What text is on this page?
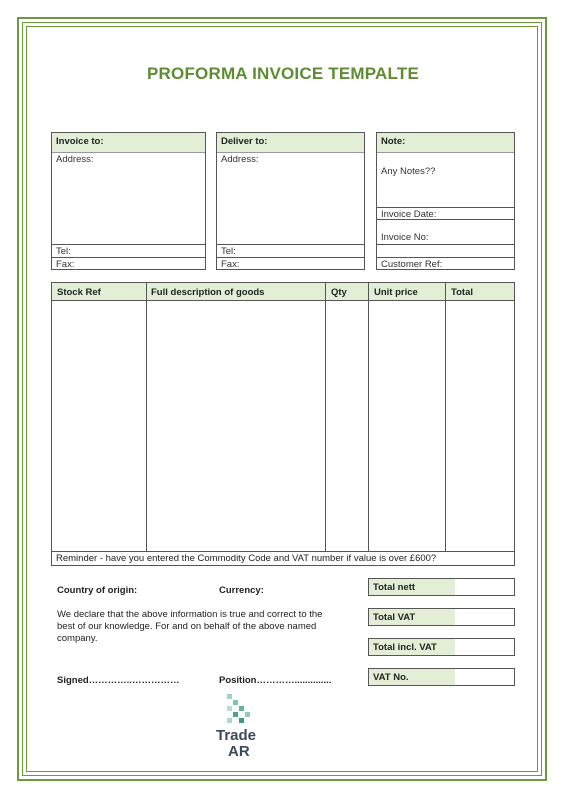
PROFORMA INVOICE TEMPALTE
Invoice to:
Address:
Tel:
Fax:
Deliver to:
Address:
Tel:
Fax:
Note:
Any Notes??
Invoice Date:
Invoice No:
Customer Ref:
Stock Ref	Full description of goods	Qty	Unit price	Total
Reminder - have you entered the Commodity Code and VAT number if value is over £600?
Country of origin:	Currency:
We declare that the above information is true and correct to the
best of our knowledge. For and on behalf of the above named
company.
Signed…………..……………	Position…………..............
Total nett
Total VAT
Total incl. VAT
VAT No.
Trade
AR
